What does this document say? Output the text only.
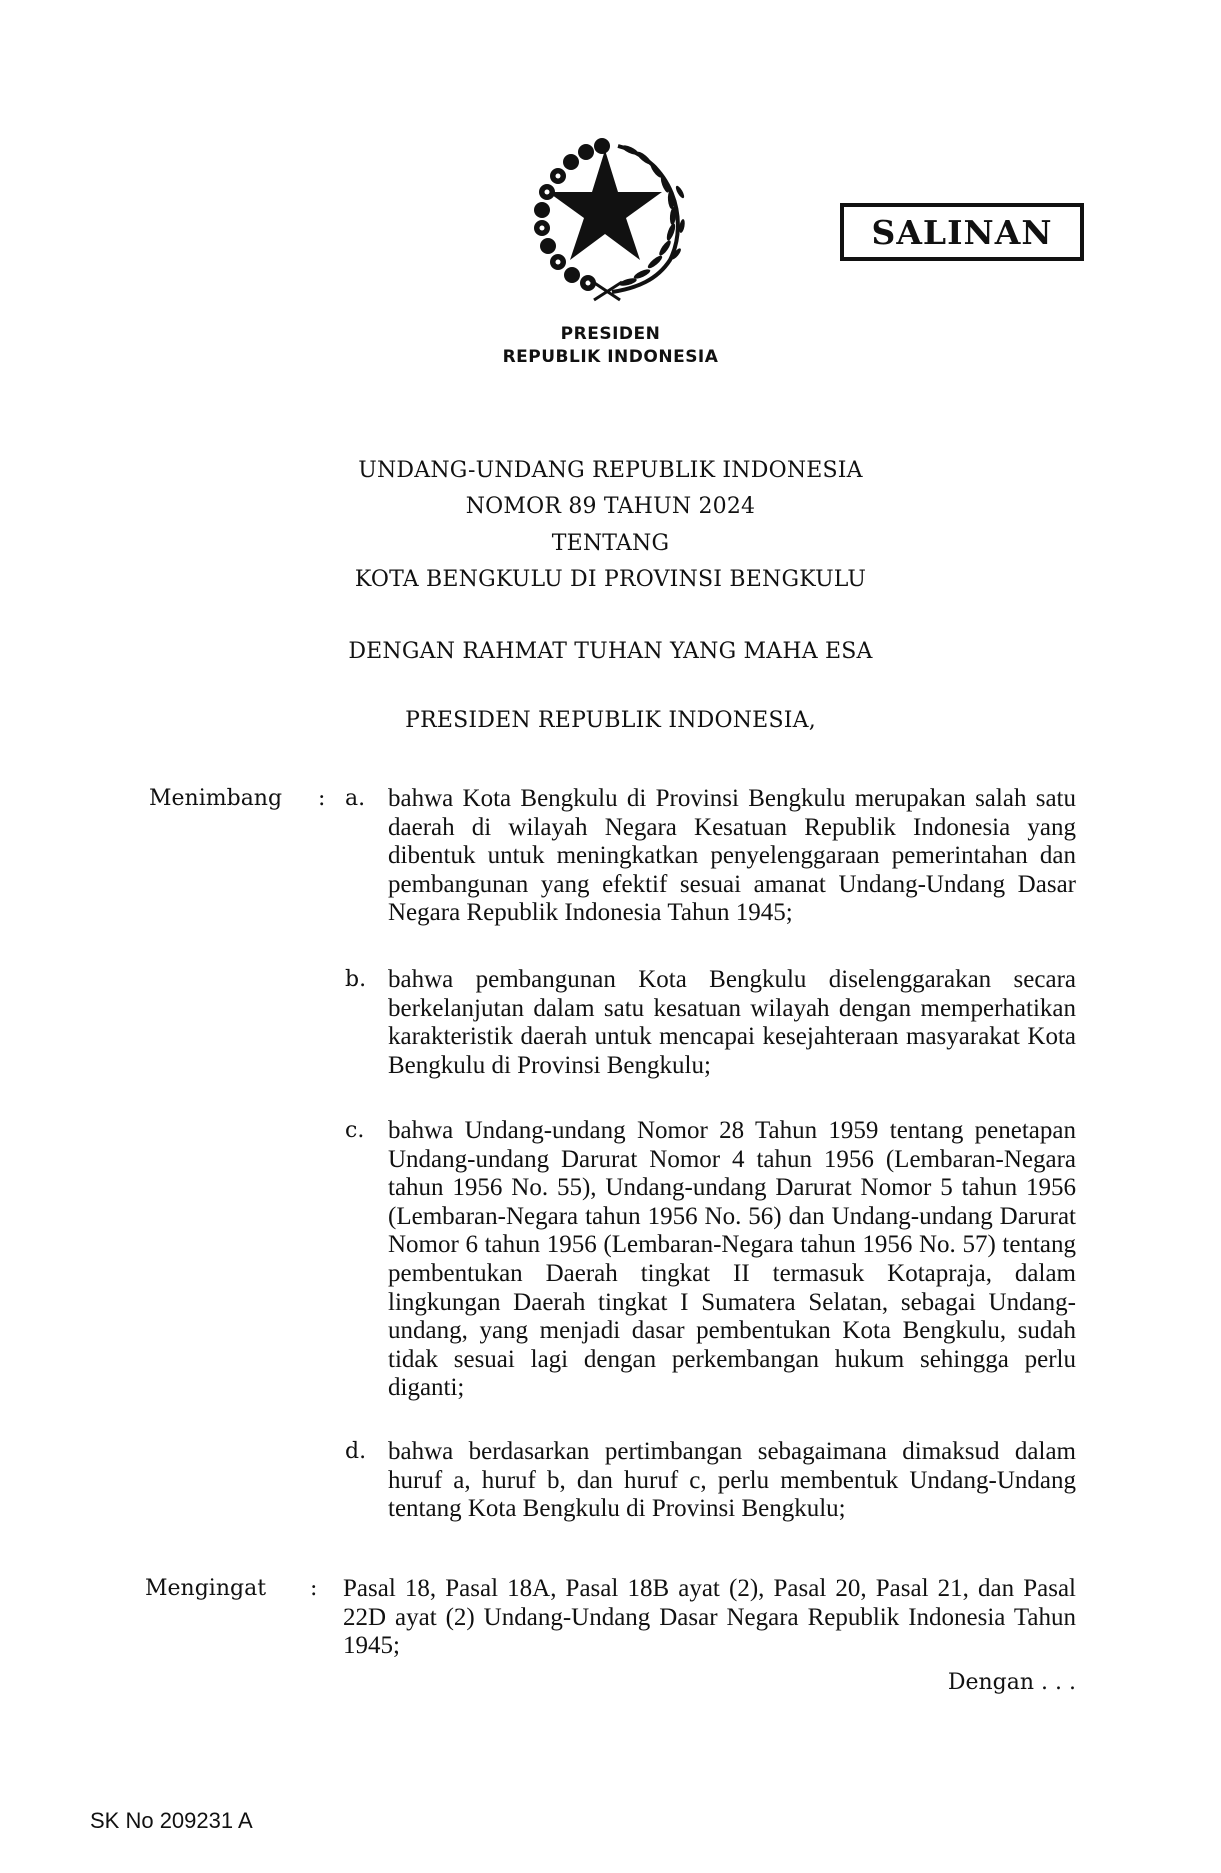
SALINAN
PRESIDEN
REPUBLIK INDONESIA
UNDANG-UNDANG REPUBLIK INDONESIA
NOMOR 89 TAHUN 2024
TENTANG
KOTA BENGKULU DI PROVINSI BENGKULU
DENGAN RAHMAT TUHAN YANG MAHA ESA
PRESIDEN REPUBLIK INDONESIA,
Menimbang : a. bahwa Kota Bengkulu di Provinsi Bengkulu merupakan salah satu daerah di wilayah Negara Kesatuan Republik Indonesia yang dibentuk untuk meningkatkan penyelenggaraan pemerintahan dan pembangunan yang efektif sesuai amanat Undang-Undang Dasar Negara Republik Indonesia Tahun 1945;
b. bahwa pembangunan Kota Bengkulu diselenggarakan secara berkelanjutan dalam satu kesatuan wilayah dengan memperhatikan karakteristik daerah untuk mencapai kesejahteraan masyarakat Kota Bengkulu di Provinsi Bengkulu;
c. bahwa Undang-undang Nomor 28 Tahun 1959 tentang penetapan Undang-undang Darurat Nomor 4 tahun 1956 (Lembaran-Negara tahun 1956 No. 55), Undang-undang Darurat Nomor 5 tahun 1956 (Lembaran-Negara tahun 1956 No. 56) dan Undang-undang Darurat Nomor 6 tahun 1956 (Lembaran-Negara tahun 1956 No. 57) tentang pembentukan Daerah tingkat II termasuk Kotapraja, dalam lingkungan Daerah tingkat I Sumatera Selatan, sebagai Undang-undang, yang menjadi dasar pembentukan Kota Bengkulu, sudah tidak sesuai lagi dengan perkembangan hukum sehingga perlu diganti;
d. bahwa berdasarkan pertimbangan sebagaimana dimaksud dalam huruf a, huruf b, dan huruf c, perlu membentuk Undang-Undang tentang Kota Bengkulu di Provinsi Bengkulu;
Mengingat : Pasal 18, Pasal 18A, Pasal 18B ayat (2), Pasal 20, Pasal 21, dan Pasal 22D ayat (2) Undang-Undang Dasar Negara Republik Indonesia Tahun 1945;
Dengan . . .
SK No 209231 A
